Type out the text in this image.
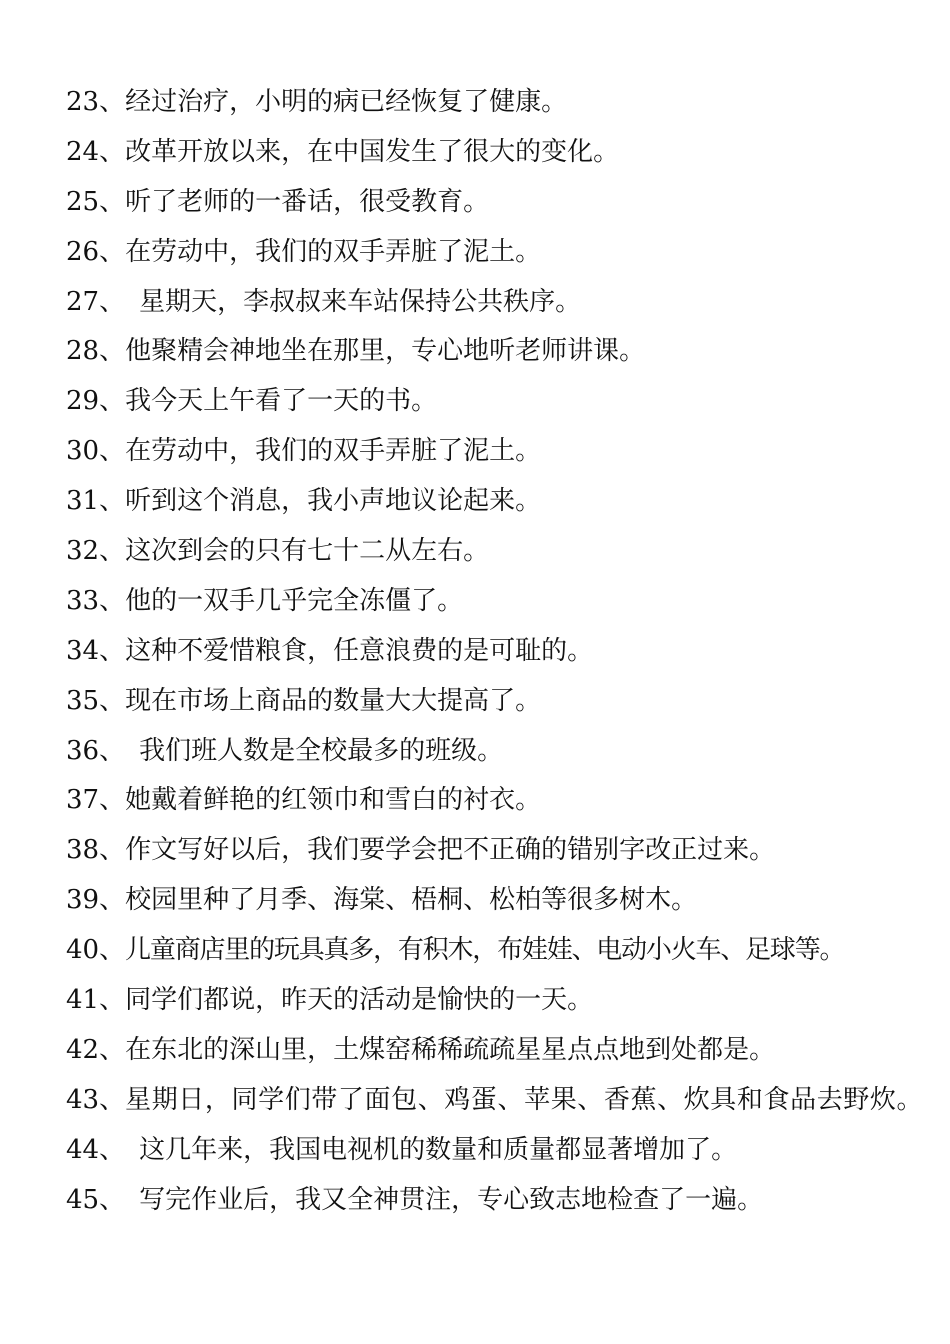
23、 经过治疗，小明的病已经恢复了健康。
24、 改革开放以来，在中国发生了很大的变化。
25、 听了老师的一番话，很受教育。
26、 在劳动中，我们的双手弄脏了泥土。
27、 星期天，李叔叔来车站保持公共秩序。
28、 他聚精会神地坐在那里，专心地听老师讲课。
29、 我今天上午看了一天的书。
30、 在劳动中，我们的双手弄脏了泥土。
31、 听到这个消息，我小声地议论起来。
32、 这次到会的只有七十二从左右。
33、 他的一双手几乎完全冻僵了。
34、 这种不爱惜粮食，任意浪费的是可耻的。
35、 现在市场上商品的数量大大提高了。
36、 我们班人数是全校最多的班级。
37、 她戴着鲜艳的红领巾和雪白的衬衣。
38、 作文写好以后，我们要学会把不正确的错别字改正过来。
39、 校园里种了月季、海棠、梧桐、松柏等很多树木。
40、 儿童商店里的玩具真多，有积木，布娃娃、电动小火车、足球等。
41、 同学们都说，昨天的活动是愉快的一天。
42、 在东北的深山里，土煤窑稀稀疏疏星星点点地到处都是。
43、星期日，同学们带了面包、鸡蛋、苹果、香蕉、炊具和食品去野炊。
44、 这几年来，我国电视机的数量和质量都显著增加了。
45、 写完作业后，我又全神贯注，专心致志地检查了一遍。
